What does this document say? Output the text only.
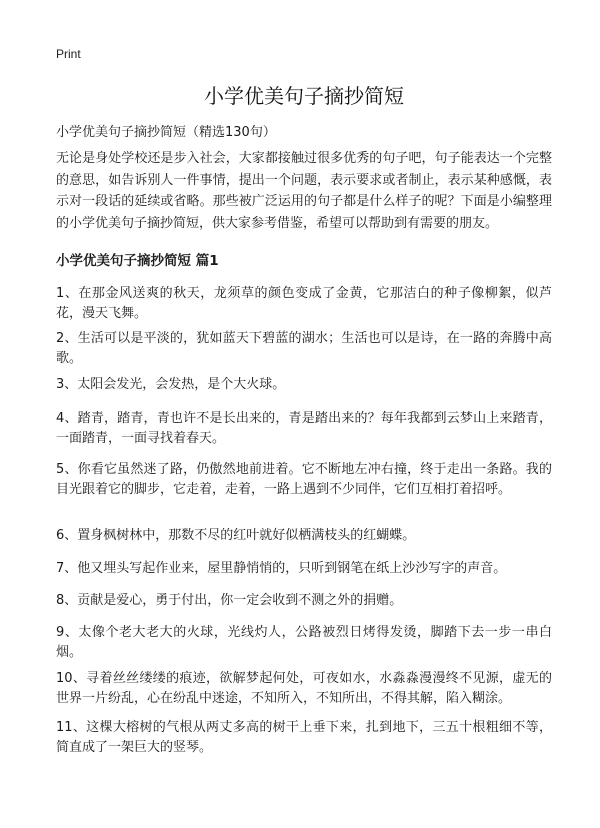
Print
小学优美句子摘抄简短

小学优美句子摘抄简短（精选130句）

无论是身处学校还是步入社会，大家都接触过很多优秀的句子吧，句子能表达一个完整的意思，如告诉别人一件事情，提出一个问题，表示要求或者制止，表示某种感慨，表示对一段话的延续或省略。那些被广泛运用的句子都是什么样子的呢？下面是小编整理的小学优美句子摘抄简短，供大家参考借鉴，希望可以帮助到有需要的朋友。

小学优美句子摘抄简短 篇1

1、在那金风送爽的秋天，龙须草的颜色变成了金黄，它那洁白的种子像柳絮，似芦花，漫天飞舞。

2、生活可以是平淡的，犹如蓝天下碧蓝的湖水；生活也可以是诗，在一路的奔腾中高歌。

3、太阳会发光，会发热，是个大火球。

4、踏青，踏青，青也许不是长出来的，青是踏出来的？每年我都到云梦山上来踏青，一面踏青，一面寻找着春天。

5、你看它虽然迷了路，仍傲然地前进着。它不断地左冲右撞，终于走出一条路。我的目光跟着它的脚步，它走着，走着，一路上遇到不少同伴，它们互相打着招呼。

6、置身枫树林中，那数不尽的红叶就好似栖满枝头的红蝴蝶。

7、他又埋头写起作业来，屋里静悄悄的，只听到钢笔在纸上沙沙写字的声音。

8、贡献是爱心，勇于付出，你一定会收到不测之外的捐赠。

9、太像个老大老大的火球，光线灼人，公路被烈日烤得发烫，脚踏下去一步一串白烟。

10、寻着丝丝缕缕的痕迹，欲解梦起何处，可夜如水，水淼淼漫漫终不见源，虚无的世界一片纷乱，心在纷乱中迷途，不知所入，不知所出，不得其解，陷入糊涂。

11、这棵大榕树的气根从两丈多高的树干上垂下来，扎到地下，三五十根粗细不等，简直成了一架巨大的竖琴。
